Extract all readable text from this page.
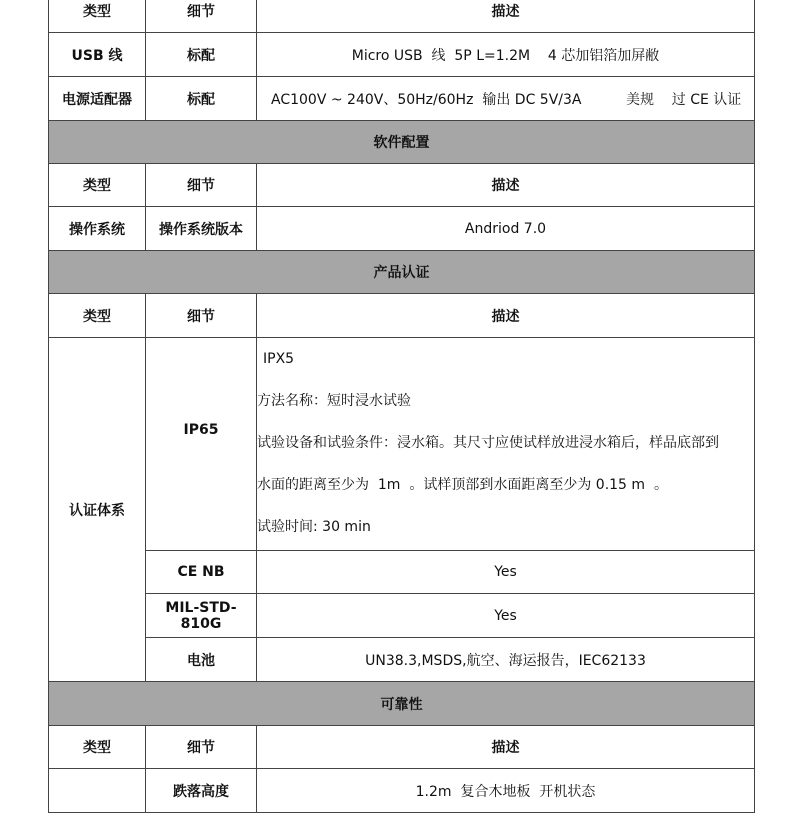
类型	细节	描述
USB 线	标配	Micro USB  线  5P L=1.2M    4 芯加铝箔加屏敝
电源适配器	标配	AC100V ~ 240V、50Hz/60Hz  输出 DC 5V/3A          美规    过 CE 认证
软件配置		
类型	细节	描述
操作系统	操作系统版本	Andriod 7.0
产品认证		
类型	细节	描述
认证体系	IP65	IPX5
方法名称：短时浸水试验
试验设备和试验条件：浸水箱。其尺寸应使试样放进浸水箱后，样品底部到
水面的距离至少为  1m  。试样顶部到水面距离至少为 0.15 m  。
试验时间: 30 min

	CE NB	Yes
	MIL-STD-810G	Yes
	电池	UN38.3,MSDS,航空、海运报告，IEC62133
可靠性		
类型	细节	描述
	跌落高度	1.2m  复合木地板  开机状态
